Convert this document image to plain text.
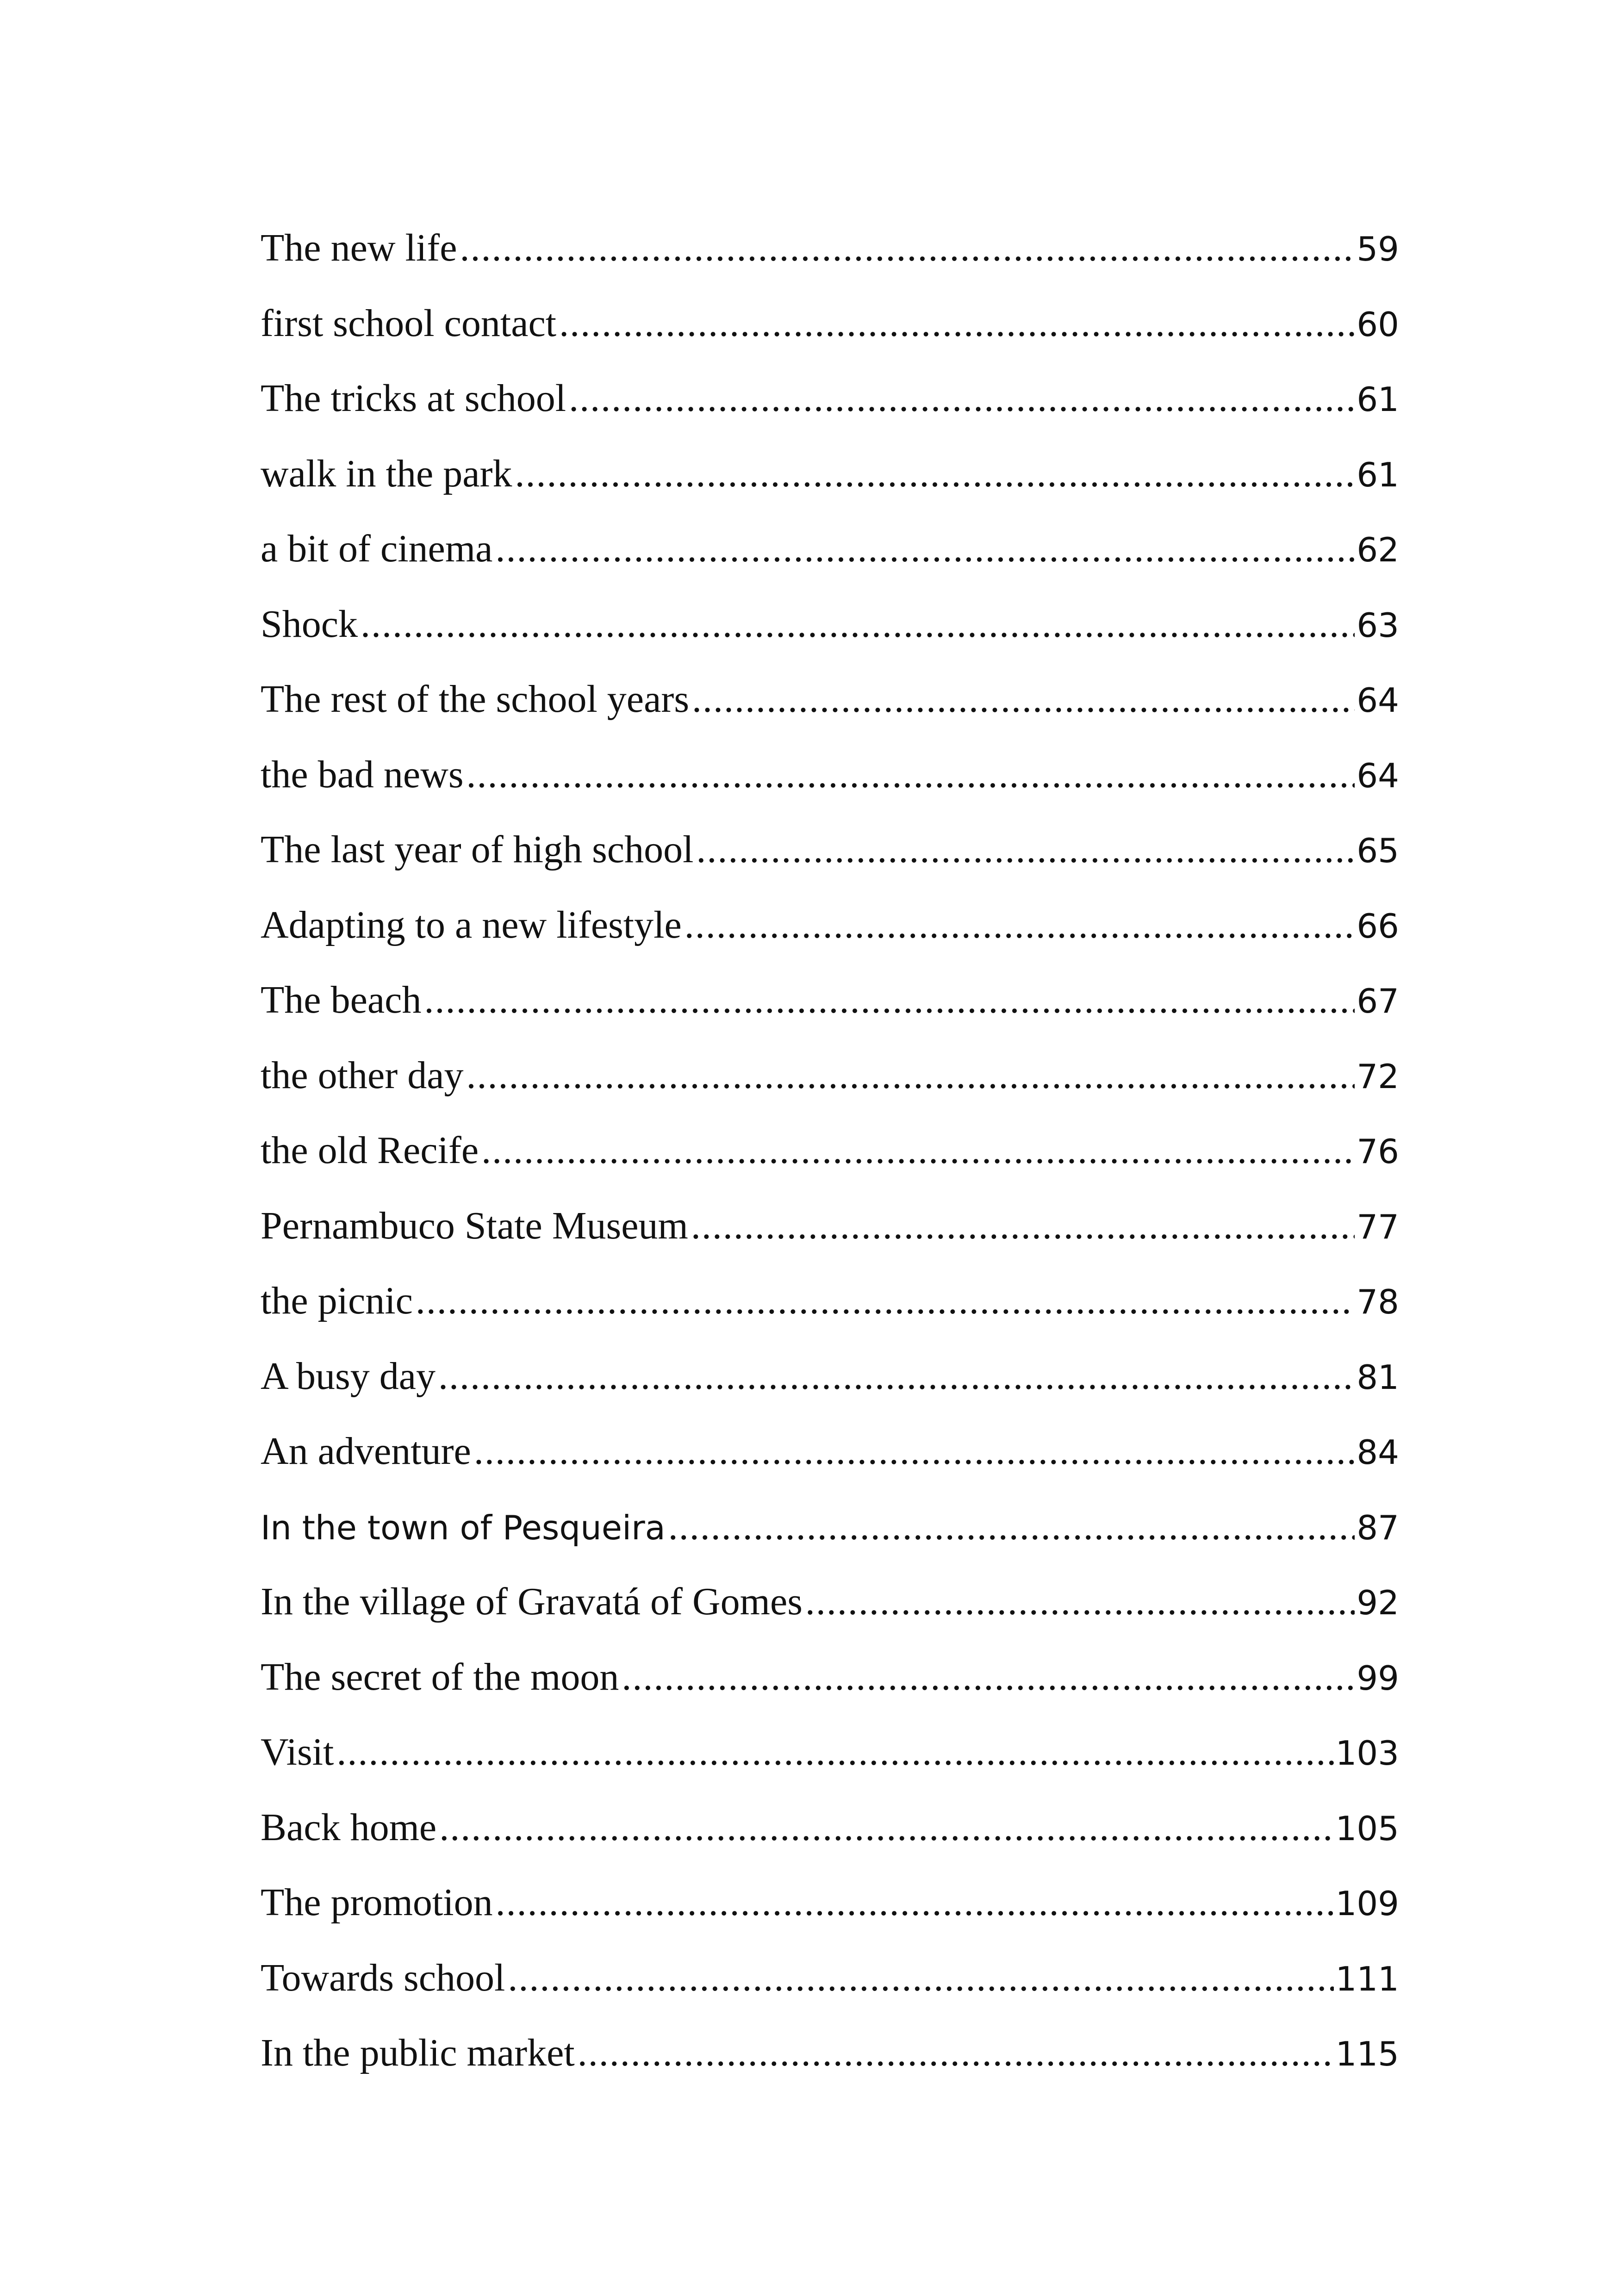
The new life .....	59
first school contact .....	60
The tricks at school .....	61
walk in the park .....	61
a bit of cinema .....	62
Shock .....	63
The rest of the school years .....	64
the bad news .....	64
The last year of high school .....	65
Adapting to a new lifestyle .....	66
The beach .....	67
the other day .....	72
the old Recife .....	76
Pernambuco State Museum .....	77
the picnic .....	78
A busy day .....	81
An adventure .....	84
In the town of Pesqueira .....	87
In the village of Gravatá of Gomes .....	92
The secret of the moon .....	99
Visit .....	103
Back home .....	105
The promotion .....	109
Towards school .....	111
In the public market .....	115
